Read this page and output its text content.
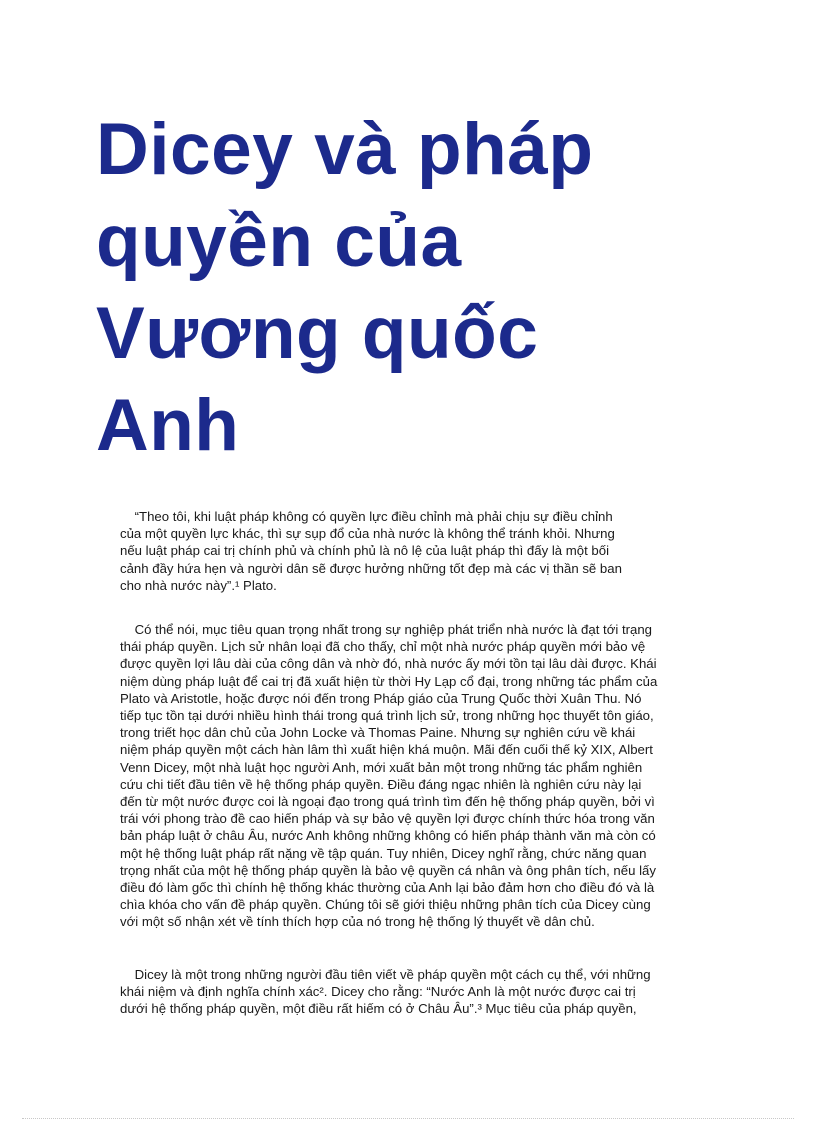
Dicey và pháp
quyền của
Vương quốc
Anh

“Theo tôi, khi luật pháp không có quyền lực điều chỉnh mà phải chịu sự điều chỉnh
của một quyền lực khác, thì sự sụp đổ của nhà nước là không thể tránh khỏi. Nhưng
nếu luật pháp cai trị chính phủ và chính phủ là nô lệ của luật pháp thì đấy là một bối
cảnh đầy hứa hẹn và người dân sẽ được hưởng những tốt đẹp mà các vị thần sẽ ban
cho nhà nước này”.¹ Plato.

Có thể nói, mục tiêu quan trọng nhất trong sự nghiệp phát triển nhà nước là đạt tới trạng
thái pháp quyền. Lịch sử nhân loại đã cho thấy, chỉ một nhà nước pháp quyền mới bảo vệ
được quyền lợi lâu dài của công dân và nhờ đó, nhà nước ấy mới tồn tại lâu dài được. Khái
niệm dùng pháp luật để cai trị đã xuất hiện từ thời Hy Lạp cổ đại, trong những tác phẩm của
Plato và Aristotle, hoặc được nói đến trong Pháp giáo của Trung Quốc thời Xuân Thu. Nó
tiếp tục tồn tại dưới nhiều hình thái trong quá trình lịch sử, trong những học thuyết tôn giáo,
trong triết học dân chủ của John Locke và Thomas Paine. Nhưng sự nghiên cứu về khái
niệm pháp quyền một cách hàn lâm thì xuất hiện khá muộn. Mãi đến cuối thế kỷ XIX, Albert
Venn Dicey, một nhà luật học người Anh, mới xuất bản một trong những tác phẩm nghiên
cứu chi tiết đầu tiên về hệ thống pháp quyền. Điều đáng ngạc nhiên là nghiên cứu này lại
đến từ một nước được coi là ngoại đạo trong quá trình tìm đến hệ thống pháp quyền, bởi vì
trái với phong trào đề cao hiến pháp và sự bảo vệ quyền lợi được chính thức hóa trong văn
bản pháp luật ở châu Âu, nước Anh không những không có hiến pháp thành văn mà còn có
một hệ thống luật pháp rất nặng về tập quán. Tuy nhiên, Dicey nghĩ rằng, chức năng quan
trọng nhất của một hệ thống pháp quyền là bảo vệ quyền cá nhân và ông phân tích, nếu lấy
điều đó làm gốc thì chính hệ thống khác thường của Anh lại bảo đảm hơn cho điều đó và là
chìa khóa cho vấn đề pháp quyền. Chúng tôi sẽ giới thiệu những phân tích của Dicey cùng
với một số nhận xét về tính thích hợp của nó trong hệ thống lý thuyết về dân chủ.

Dicey là một trong những người đầu tiên viết về pháp quyền một cách cụ thể, với những
khái niệm và định nghĩa chính xác². Dicey cho rằng: “Nước Anh là một nước được cai trị
dưới hệ thống pháp quyền, một điều rất hiếm có ở Châu Âu”.³ Mục tiêu của pháp quyền,
